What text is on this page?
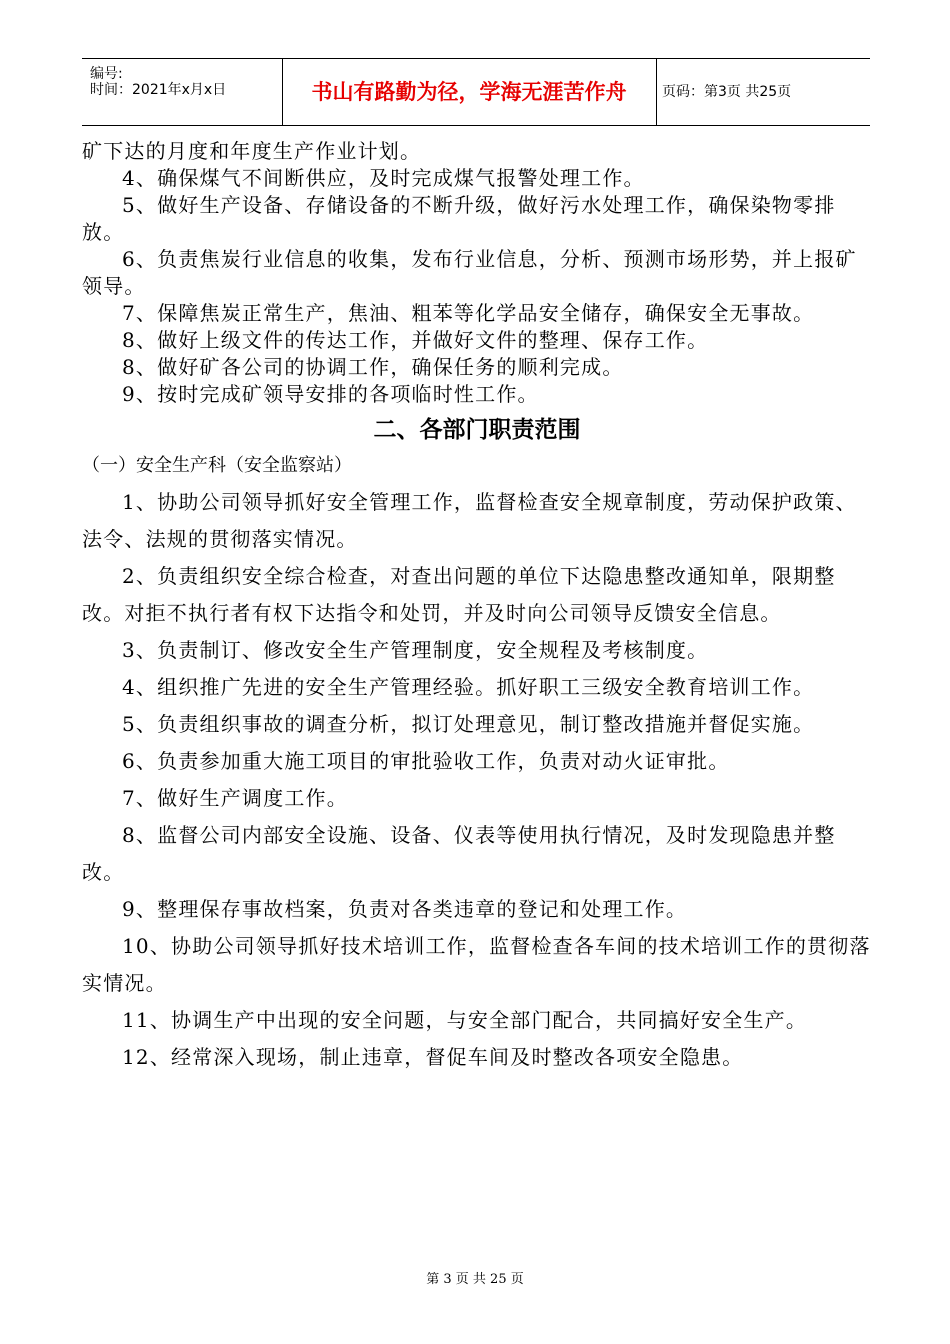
编号:
时间：2021年x月x日	书山有路勤为径，学海无涯苦作舟	页码：第3页 共25页

矿下达的月度和年度生产作业计划。

4、确保煤气不间断供应，及时完成煤气报警处理工作。

5、做好生产设备、存储设备的不断升级，做好污水处理工作，确保染物零排放。

6、负责焦炭行业信息的收集，发布行业信息，分析、预测市场形势，并上报矿领导。

7、保障焦炭正常生产，焦油、粗苯等化学品安全储存，确保安全无事故。

8、做好上级文件的传达工作，并做好文件的整理、保存工作。

8、做好矿各公司的协调工作，确保任务的顺利完成。

9、按时完成矿领导安排的各项临时性工作。

二、各部门职责范围
（一）安全生产科（安全监察站）

1、协助公司领导抓好安全管理工作，监督检查安全规章制度，劳动保护政策、法令、法规的贯彻落实情况。

2、负责组织安全综合检查，对查出问题的单位下达隐患整改通知单，限期整改。对拒不执行者有权下达指令和处罚，并及时向公司领导反馈安全信息。

3、负责制订、修改安全生产管理制度，安全规程及考核制度。

4、组织推广先进的安全生产管理经验。抓好职工三级安全教育培训工作。

5、负责组织事故的调查分析，拟订处理意见，制订整改措施并督促实施。

6、负责参加重大施工项目的审批验收工作，负责对动火证审批。

7、做好生产调度工作。

8、监督公司内部安全设施、设备、仪表等使用执行情况，及时发现隐患并整改。

9、整理保存事故档案，负责对各类违章的登记和处理工作。

10、协助公司领导抓好技术培训工作，监督检查各车间的技术培训工作的贯彻落实情况。

11、协调生产中出现的安全问题，与安全部门配合，共同搞好安全生产。

12、经常深入现场，制止违章，督促车间及时整改各项安全隐患。

第 3 页 共 25 页
